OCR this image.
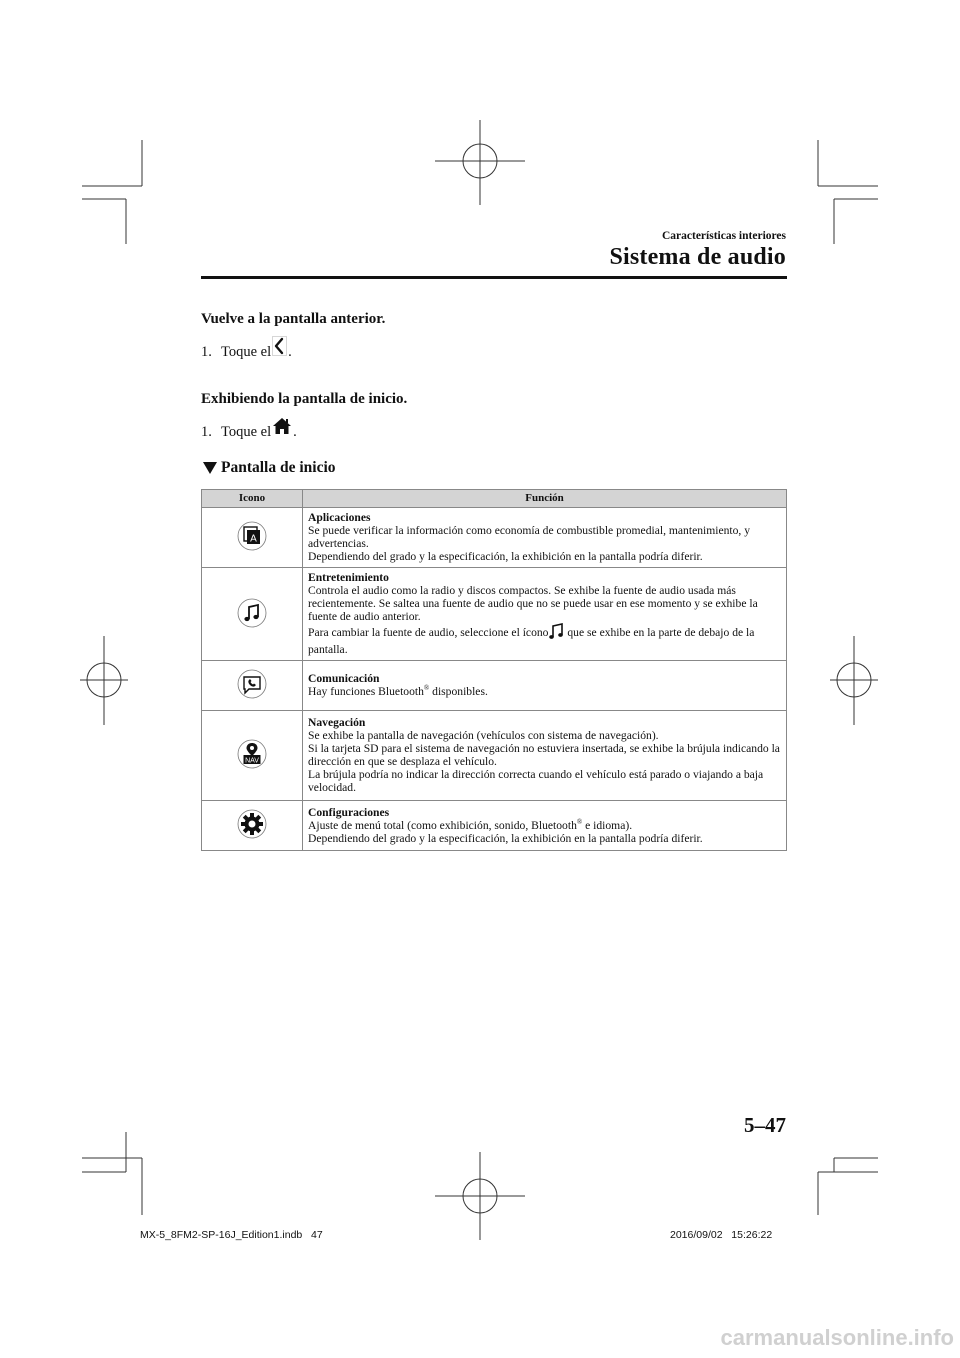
Características interiores
Sistema de audio
Vuelve a la pantalla anterior.
1. Toque el .
Exhibiendo la pantalla de inicio.
1. Toque el .
Pantalla de inicio
Icono	Función

A	Aplicaciones
Se puede verificar la información como economía de combustible promedial, mantenimiento, y advertencias.
Dependiendo del grado y la especificación, la exhibición en la pantalla podría diferir.

Entretenimiento
Controla el audio como la radio y discos compactos. Se exhibe la fuente de audio usada más recientemente. Se saltea una fuente de audio que no se puede usar en ese momento y se exhibe la fuente de audio anterior.
Para cambiar la fuente de audio, seleccione el ícono que se exhibe en la parte de debajo de la pantalla.

Comunicación
Hay funciones Bluetooth® disponibles.

NAV	Navegación
Se exhibe la pantalla de navegación (vehículos con sistema de navegación).
Si la tarjeta SD para el sistema de navegación no estuviera insertada, se exhibe la brújula indicando la dirección en que se desplaza el vehículo.
La brújula podría no indicar la dirección correcta cuando el vehículo está parado o viajando a baja velocidad.

Configuraciones
Ajuste de menú total (como exhibición, sonido, Bluetooth® e idioma).
Dependiendo del grado y la especificación, la exhibición en la pantalla podría diferir.
5–47
MX-5_8FM2-SP-16J_Edition1.indb   47	2016/09/02   15:26:22
carmanualsonline.info
